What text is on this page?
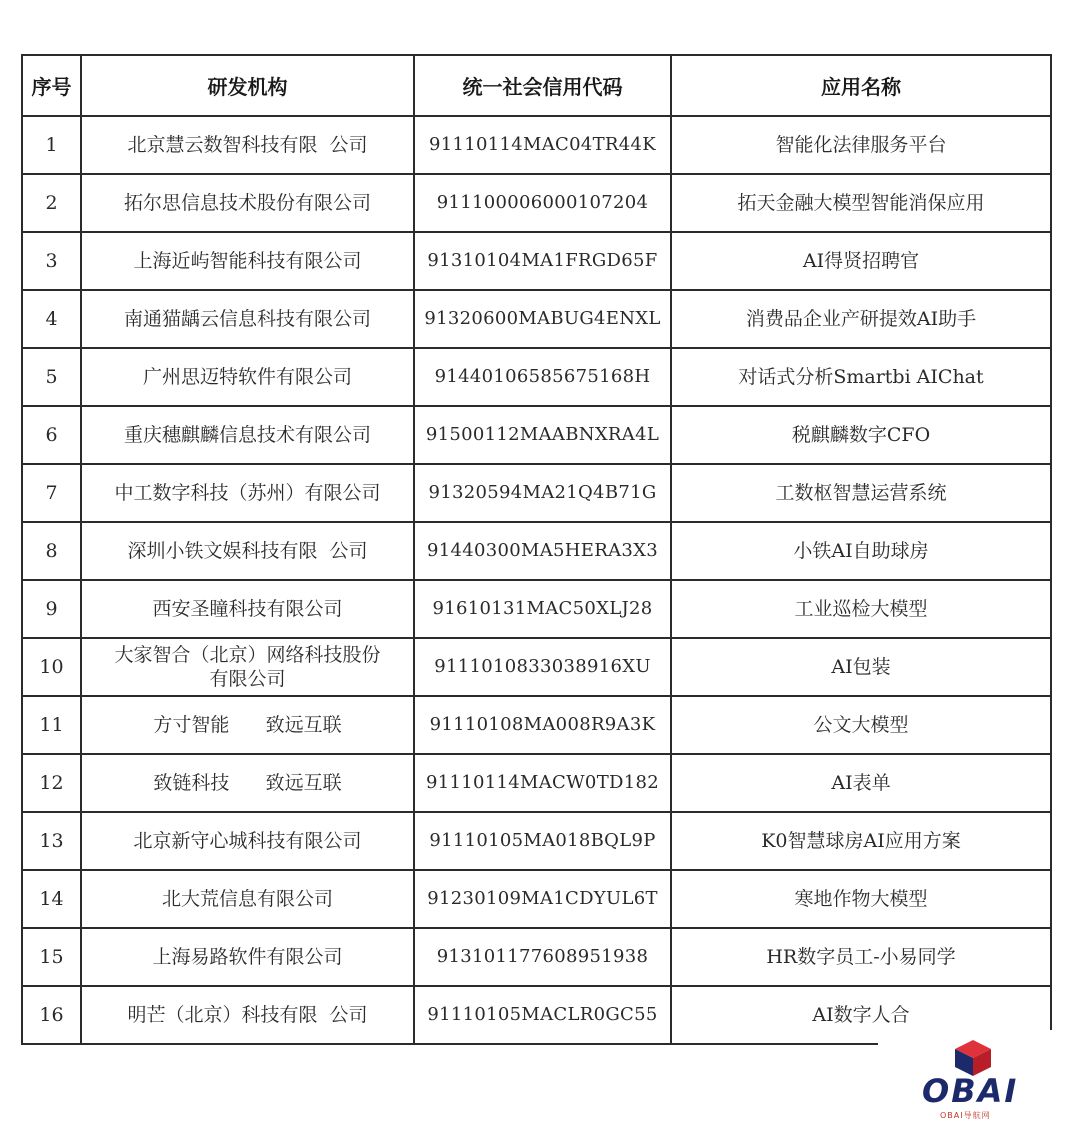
序号	研发机构	统一社会信用代码	应用名称
1	北京慧云数智科技有限  公司	91110114MAC04TR44K	智能化法律服务平台
2	拓尔思信息技术股份有限公司	911100006000107204	拓天金融大模型智能消保应用
3	上海近屿智能科技有限公司	91310104MA1FRGD65F	AI得贤招聘官
4	南通猫龋云信息科技有限公司	91320600MABUG4ENXL	消费品企业产研提效AI助手
5	广州思迈特软件有限公司	91440106585675168H	对话式分析Smartbi AIChat
6	重庆穗麒麟信息技术有限公司	91500112MAABNXRA4L	税麒麟数字CFO
7	中工数字科技（苏州）有限公司	91320594MA21Q4B71G	工数枢智慧运营系统
8	深圳小铁文娱科技有限  公司	91440300MA5HERA3X3	小铁AI自助球房
9	西安圣瞳科技有限公司	91610131MAC50XLJ28	工业巡检大模型
10	大家智合（北京）网络科技股份
有限公司	9111010833038916XU	AI包装
11	方寸智能      致远互联	91110108MA008R9A3K	公文大模型
12	致链科技      致远互联	91110114MACW0TD182	AI表单
13	北京新守心城科技有限公司	91110105MA018BQL9P	K0智慧球房AI应用方案
14	北大荒信息有限公司	91230109MA1CDYUL6T	寒地作物大模型
15	上海易路软件有限公司	913101177608951938	HR数字员工-小易同学
16	明芒（北京）科技有限  公司	91110105MACLR0GC55	AI数字人合
OBAI
OBAI导航网
